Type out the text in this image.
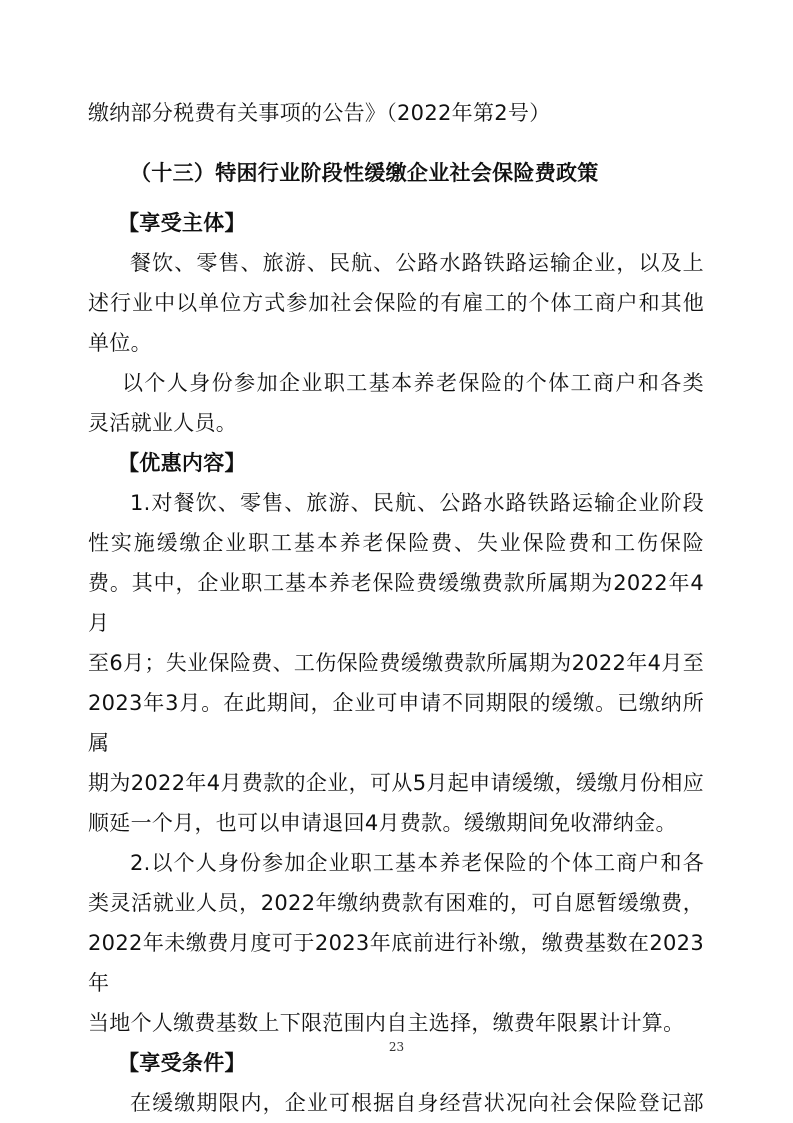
缴纳部分税费有关事项的公告》（2022年第2号）
（十三）特困行业阶段性缓缴企业社会保险费政策
【享受主体】
餐饮、零售、旅游、民航、公路水路铁路运输企业，以及上
述行业中以单位方式参加社会保险的有雇工的个体工商户和其他
单位。
以个人身份参加企业职工基本养老保险的个体工商户和各类
灵活就业人员。
【优惠内容】
1.对餐饮、零售、旅游、民航、公路水路铁路运输企业阶段
性实施缓缴企业职工基本养老保险费、失业保险费和工伤保险
费。其中，企业职工基本养老保险费缓缴费款所属期为2022年4月
至6月；失业保险费、工伤保险费缓缴费款所属期为2022年4月至
2023年3月。在此期间，企业可申请不同期限的缓缴。已缴纳所属
期为2022年4月费款的企业，可从5月起申请缓缴，缓缴月份相应
顺延一个月，也可以申请退回4月费款。缓缴期间免收滞纳金。
2.以个人身份参加企业职工基本养老保险的个体工商户和各
类灵活就业人员，2022年缴纳费款有困难的，可自愿暂缓缴费，
2022年未缴费月度可于2023年底前进行补缴，缴费基数在2023年
当地个人缴费基数上下限范围内自主选择，缴费年限累计计算。
【享受条件】
在缓缴期限内，企业可根据自身经营状况向社会保险登记部
23
